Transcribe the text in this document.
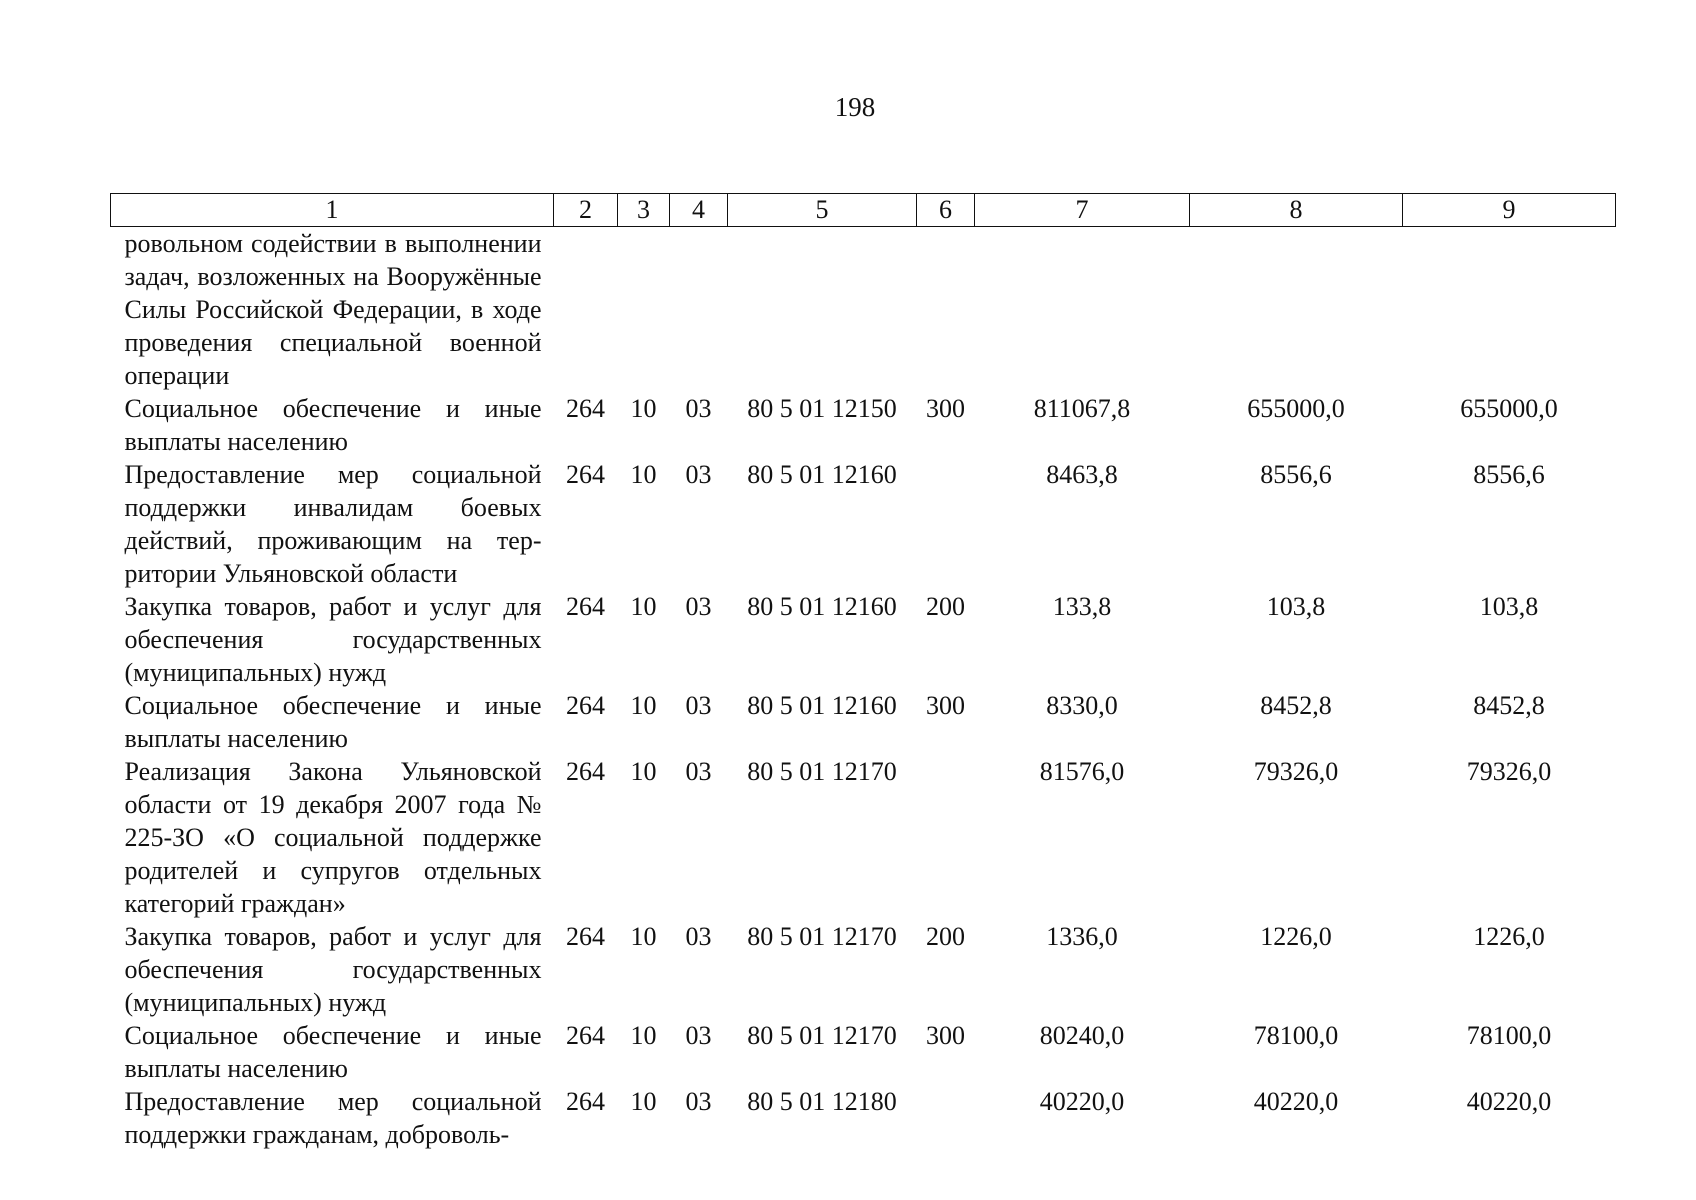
198
1	2	3	4	5	6	7	8	9
ровольном содействии в выполнении задач, возложенных на Вооружённые Силы Российской Федерации, в ходе проведения специальной военной операции								
Социальное обеспечение и иные выплаты населению	264	10	03	80 5 01 12150	300	811067,8	655000,0	655000,0
Предоставление мер социальной поддержки инвалидам боевых действий, проживающим на территории Ульяновской области	264	10	03	80 5 01 12160		8463,8	8556,6	8556,6
Закупка товаров, работ и услуг для обеспечения государственных (муниципальных) нужд	264	10	03	80 5 01 12160	200	133,8	103,8	103,8
Социальное обеспечение и иные выплаты населению	264	10	03	80 5 01 12160	300	8330,0	8452,8	8452,8
Реализация Закона Ульяновской области от 19 декабря 2007 года № 225-ЗО «О социальной поддержке родителей и супругов отдельных категорий граждан»	264	10	03	80 5 01 12170		81576,0	79326,0	79326,0
Закупка товаров, работ и услуг для обеспечения государственных (муниципальных) нужд	264	10	03	80 5 01 12170	200	1336,0	1226,0	1226,0
Социальное обеспечение и иные выплаты населению	264	10	03	80 5 01 12170	300	80240,0	78100,0	78100,0
Предоставление мер социальной поддержки гражданам, доброволь-	264	10	03	80 5 01 12180		40220,0	40220,0	40220,0
